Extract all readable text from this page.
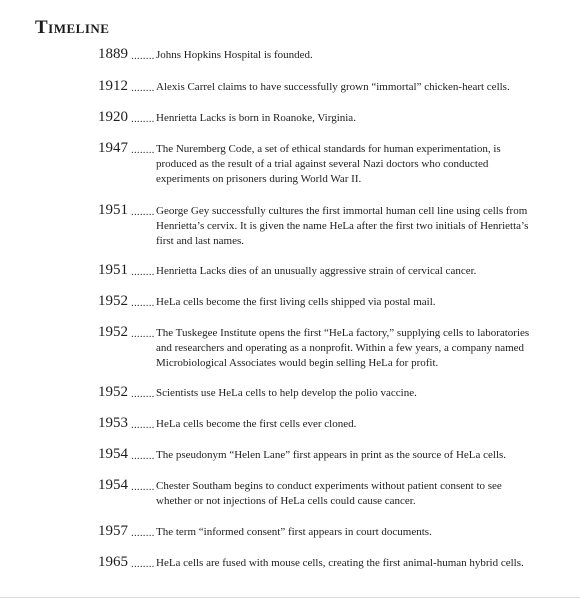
Timeline
1889 ........ Johns Hopkins Hospital is founded.
1912 ........ Alexis Carrel claims to have successfully grown “immortal” chicken-heart cells.
1920 ........ Henrietta Lacks is born in Roanoke, Virginia.
1947 ........ The Nuremberg Code, a set of ethical standards for human experimentation, is produced as the result of a trial against several Nazi doctors who conducted experiments on prisoners during World War II.
1951 ........ George Gey successfully cultures the first immortal human cell line using cells from Henrietta’s cervix. It is given the name HeLa after the first two initials of Henrietta’s first and last names.
1951 ........ Henrietta Lacks dies of an unusually aggressive strain of cervical cancer.
1952 ........ HeLa cells become the first living cells shipped via postal mail.
1952 ........ The Tuskegee Institute opens the first “HeLa factory,” supplying cells to laboratories and researchers and operating as a nonprofit. Within a few years, a company named Microbiological Associates would begin selling HeLa for profit.
1952 ........ Scientists use HeLa cells to help develop the polio vaccine.
1953 ........ HeLa cells become the first cells ever cloned.
1954 ........ The pseudonym “Helen Lane” first appears in print as the source of HeLa cells.
1954 ........ Chester Southam begins to conduct experiments without patient consent to see whether or not injections of HeLa cells could cause cancer.
1957 ........ The term “informed consent” first appears in court documents.
1965 ........ HeLa cells are fused with mouse cells, creating the first animal-human hybrid cells.
